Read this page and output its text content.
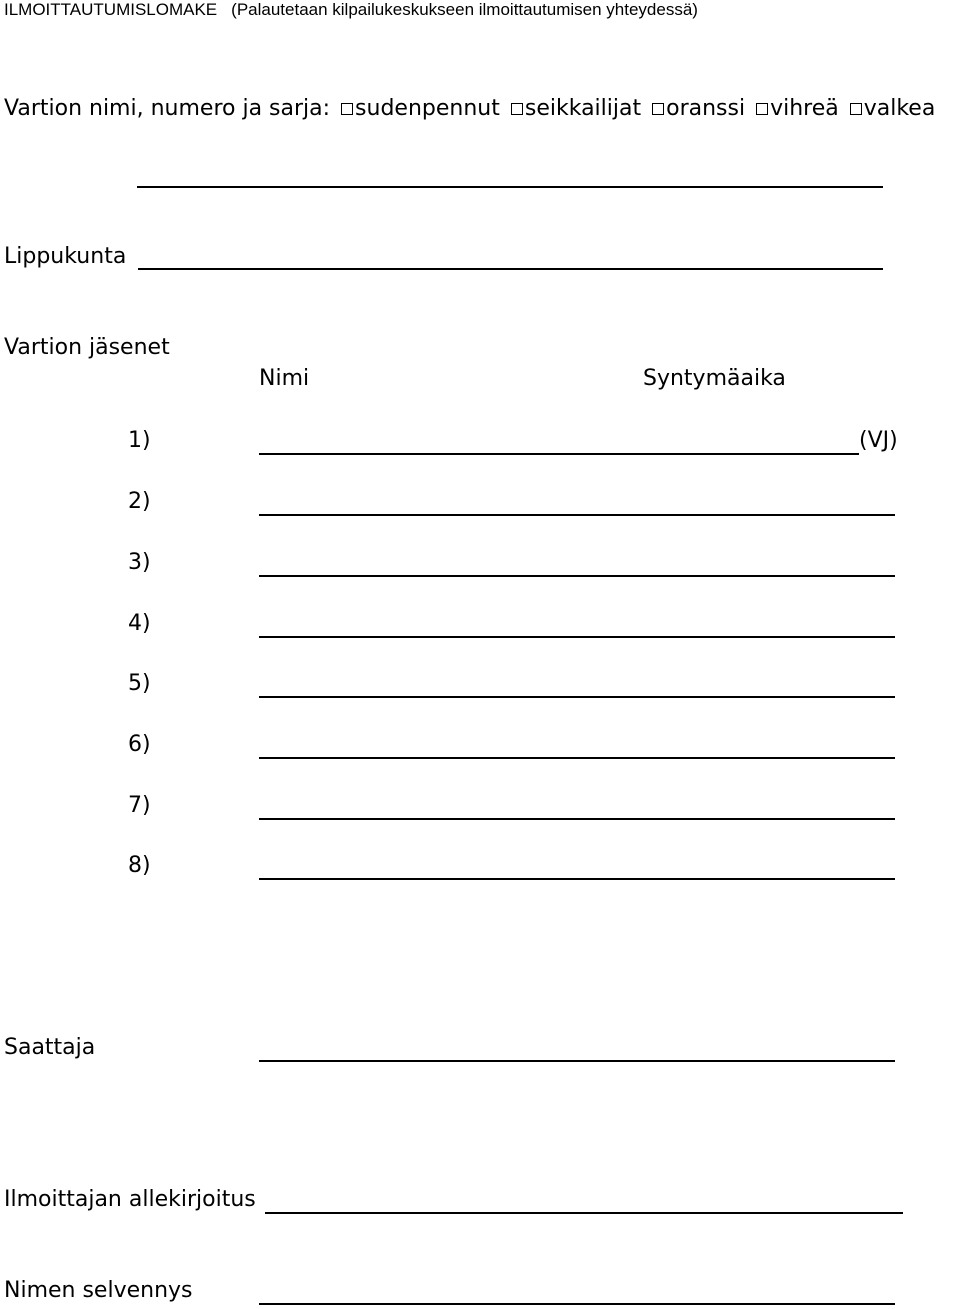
ILMOITTAUTUMISLOMAKE (Palautetaan kilpailukeskukseen ilmoittautumisen yhteydessä)
Vartion nimi, numero ja sarja: sudenpennut seikkailijat oranssi vihreä valkea
Lippukunta
Vartion jäsenet
Nimi	Syntymäaika
1)	(VJ)
2)
3)
4)
5)
6)
7)
8)
Saattaja
Ilmoittajan allekirjoitus
Nimen selvennys
